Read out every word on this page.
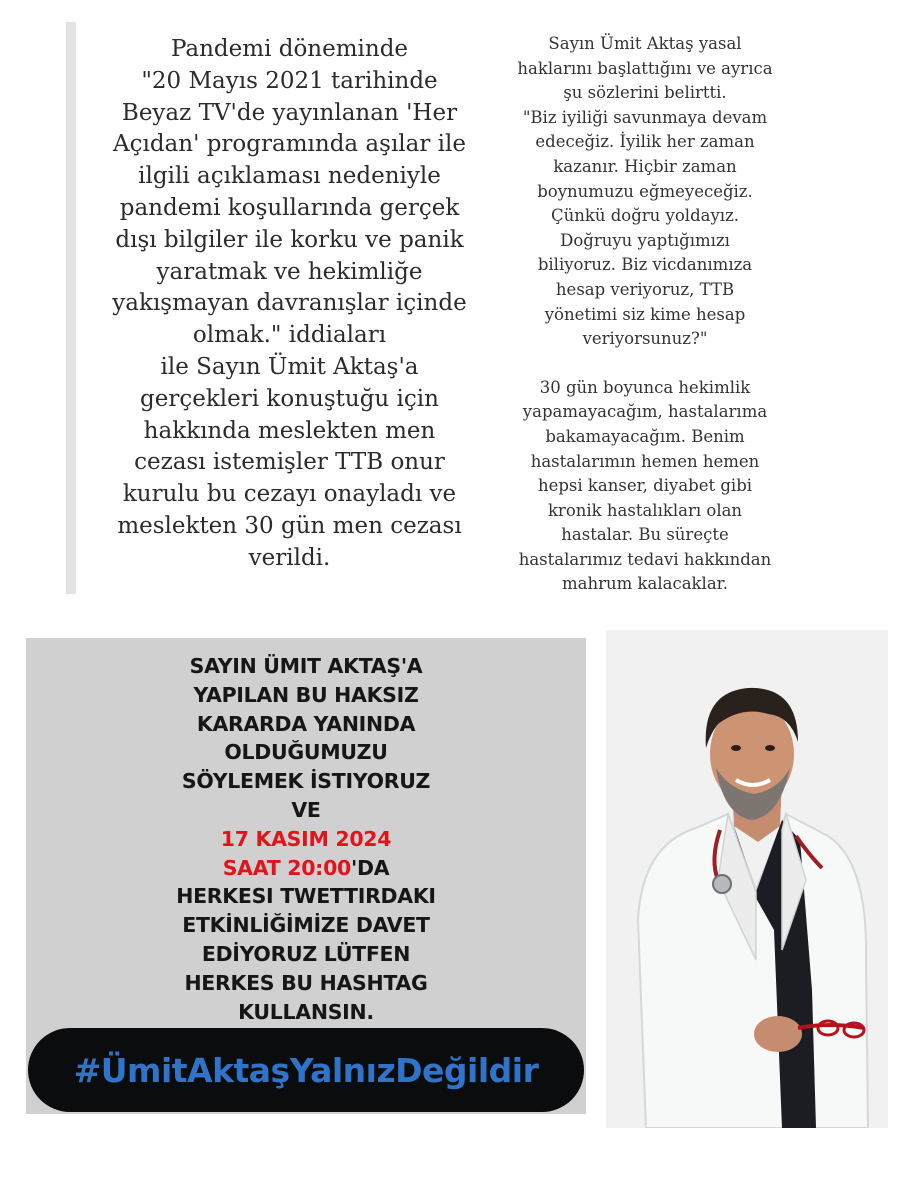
Pandemi döneminde
"20 Mayıs 2021 tarihinde
Beyaz TV'de yayınlanan 'Her
Açıdan' programında aşılar ile
ilgili açıklaması nedeniyle
pandemi koşullarında gerçek
dışı bilgiler ile korku ve panik
yaratmak ve hekimliğe
yakışmayan davranışlar içinde
olmak." iddiaları
ile Sayın Ümit Aktaş'a
gerçekleri konuştuğu için
hakkında meslekten men
cezası istemişler TTB onur
kurulu bu cezayı onayladı ve
meslekten 30 gün men cezası
verildi.
Sayın Ümit Aktaş yasal
haklarını başlattığını ve ayrıca
şu sözlerini belirtti.
"Biz iyiliği savunmaya devam
edeceğiz. İyilik her zaman
kazanır. Hiçbir zaman
boynumuzu eğmeyeceğiz.
Çünkü doğru yoldayız.
Doğruyu yaptığımızı
biliyoruz. Biz vicdanımıza
hesap veriyoruz, TTB
yönetimi siz kime hesap
veriyorsunuz?"
30 gün boyunca hekimlik
yapamayacağım, hastalarıma
bakamayacağım. Benim
hastalarımın hemen hemen
hepsi kanser, diyabet gibi
kronik hastalıkları olan
hastalar. Bu süreçte
hastalarımız tedavi hakkından
mahrum kalacaklar.
SAYIN ÜMIT AKTAŞ'A
YAPILAN BU HAKSIZ
KARARDA YANINDA
OLDUĞUMUZU
SÖYLEMEK İSTIYORUZ
VE
17 KASIM 2024
SAAT 20:00'DA
HERKESI TWETTIRDAKI
ETKİNLİĞİMİZE DAVET
EDİYORUZ LÜTFEN
HERKES BU HASHTAG
KULLANSIN.
#ÜmitAktaşYalnızDeğildir
